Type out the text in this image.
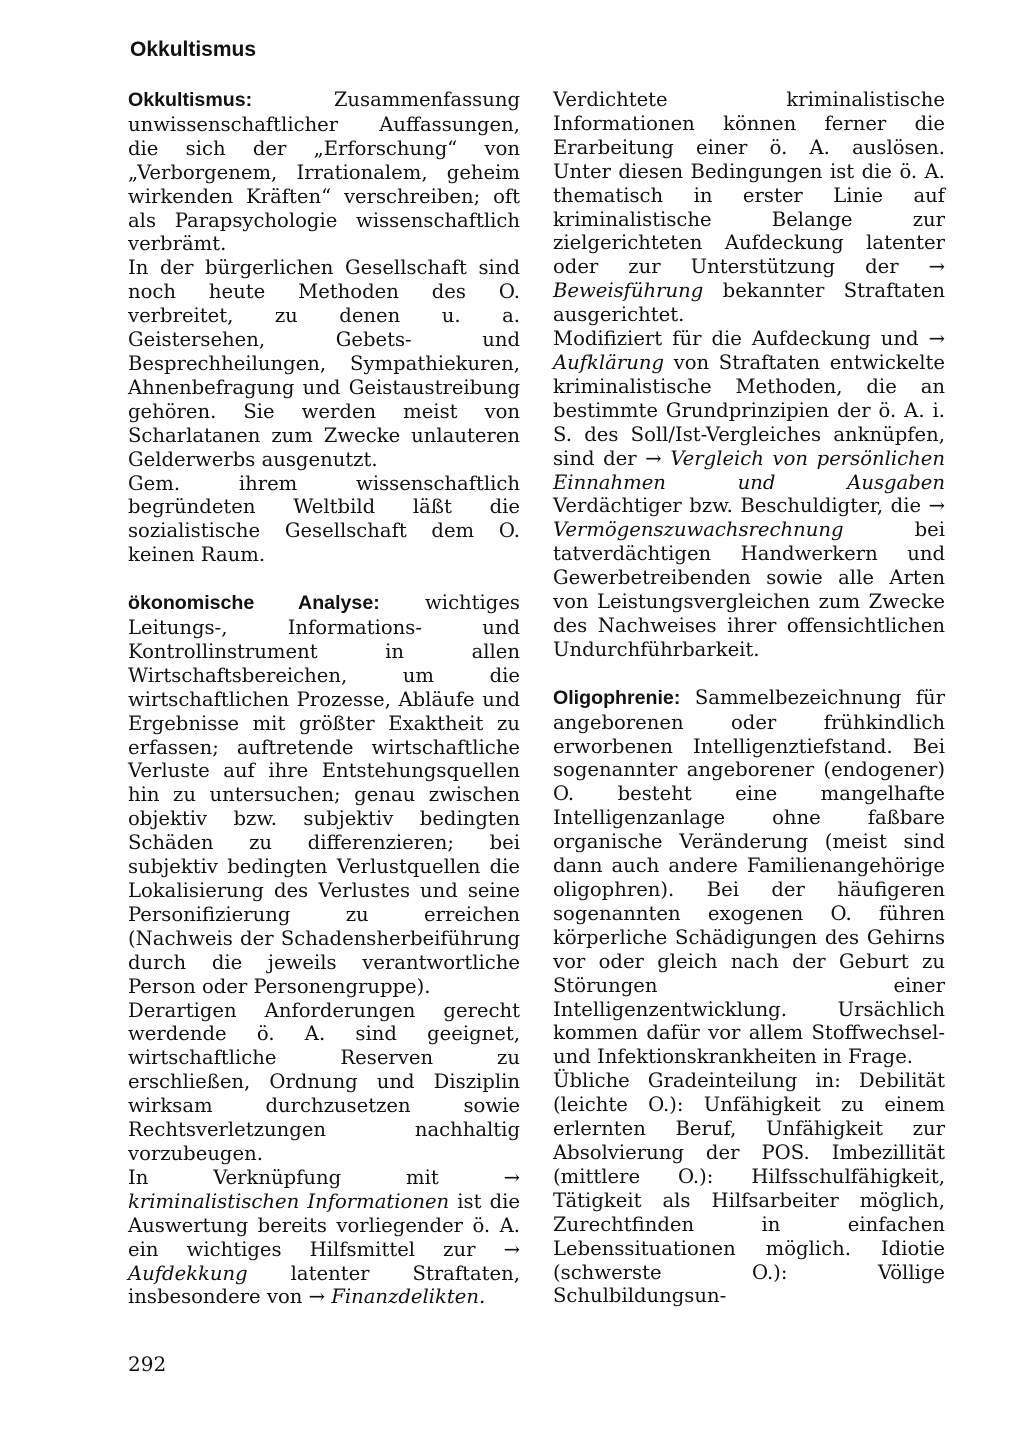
Okkultismus

Okkultismus: Zusammenfassung unwissenschaftlicher Auffassungen, die sich der „Erforschung“ von „Verborgenem, Irrationalem, geheim wirkenden Kräften“ verschreiben; oft als Parapsychologie wissenschaftlich verbrämt.

In der bürgerlichen Gesellschaft sind noch heute Methoden des O. verbreitet, zu denen u. a. Geistersehen, Gebets- und Besprechheilungen, Sympathiekuren, Ahnenbefragung und Geistaustreibung gehören. Sie werden meist von Scharlatanen zum Zwecke unlauteren Gelderwerbs ausgenutzt.

Gem. ihrem wissenschaftlich begründeten Weltbild läßt die sozialistische Gesellschaft dem O. keinen Raum.

ökonomische Analyse: wichtiges Leitungs-, Informations- und Kontrollinstrument in allen Wirtschaftsbereichen, um die wirtschaftlichen Prozesse, Abläufe und Ergebnisse mit größter Exaktheit zu erfassen; auftretende wirtschaftliche Verluste auf ihre Entstehungsquellen hin zu untersuchen; genau zwischen objektiv bzw. subjektiv bedingten Schäden zu differenzieren; bei subjektiv bedingten Verlustquellen die Lokalisierung des Verlustes und seine Personifizierung zu erreichen (Nachweis der Schadensherbeiführung durch die jeweils verantwortliche Person oder Personengruppe).

Derartigen Anforderungen gerecht werdende ö. A. sind geeignet, wirtschaftliche Reserven zu erschließen, Ordnung und Disziplin wirksam durchzusetzen sowie Rechtsverletzungen nachhaltig vorzubeugen.

In Verknüpfung mit → kriminalistischen Informationen ist die Auswertung bereits vorliegender ö. A. ein wichtiges Hilfsmittel zur → Aufdekkung latenter Straftaten, insbesondere von → Finanzdelikten.

Verdichtete kriminalistische Informationen können ferner die Erarbeitung einer ö. A. auslösen. Unter diesen Bedingungen ist die ö. A. thematisch in erster Linie auf kriminalistische Belange zur zielgerichteten Aufdeckung latenter oder zur Unterstützung der → Beweisführung bekannter Straftaten ausgerichtet.

Modifiziert für die Aufdeckung und → Aufklärung von Straftaten entwickelte kriminalistische Methoden, die an bestimmte Grundprinzipien der ö. A. i. S. des Soll/Ist-Vergleiches anknüpfen, sind der → Vergleich von persönlichen Einnahmen und Ausgaben Verdächtiger bzw. Beschuldigter, die → Vermögenszuwachsrechnung bei tatverdächtigen Handwerkern und Gewerbetreibenden sowie alle Arten von Leistungsvergleichen zum Zwecke des Nachweises ihrer offensichtlichen Undurchführbarkeit.

Oligophrenie: Sammelbezeichnung für angeborenen oder frühkindlich erworbenen Intelligenztiefstand. Bei sogenannter angeborener (endogener) O. besteht eine mangelhafte Intelligenzanlage ohne faßbare organische Veränderung (meist sind dann auch andere Familienangehörige oligophren). Bei der häufigeren sogenannten exogenen O. führen körperliche Schädigungen des Gehirns vor oder gleich nach der Geburt zu Störungen einer Intelligenzentwicklung. Ursächlich kommen dafür vor allem Stoffwechsel- und Infektionskrankheiten in Frage.

Übliche Gradeinteilung in: Debilität (leichte O.): Unfähigkeit zu einem erlernten Beruf, Unfähigkeit zur Absolvierung der POS. Imbezillität (mittlere O.): Hilfsschulfähigkeit, Tätigkeit als Hilfsarbeiter möglich, Zurechtfinden in einfachen Lebenssituationen möglich. Idiotie (schwerste O.): Völlige Schulbildungsun-

292
